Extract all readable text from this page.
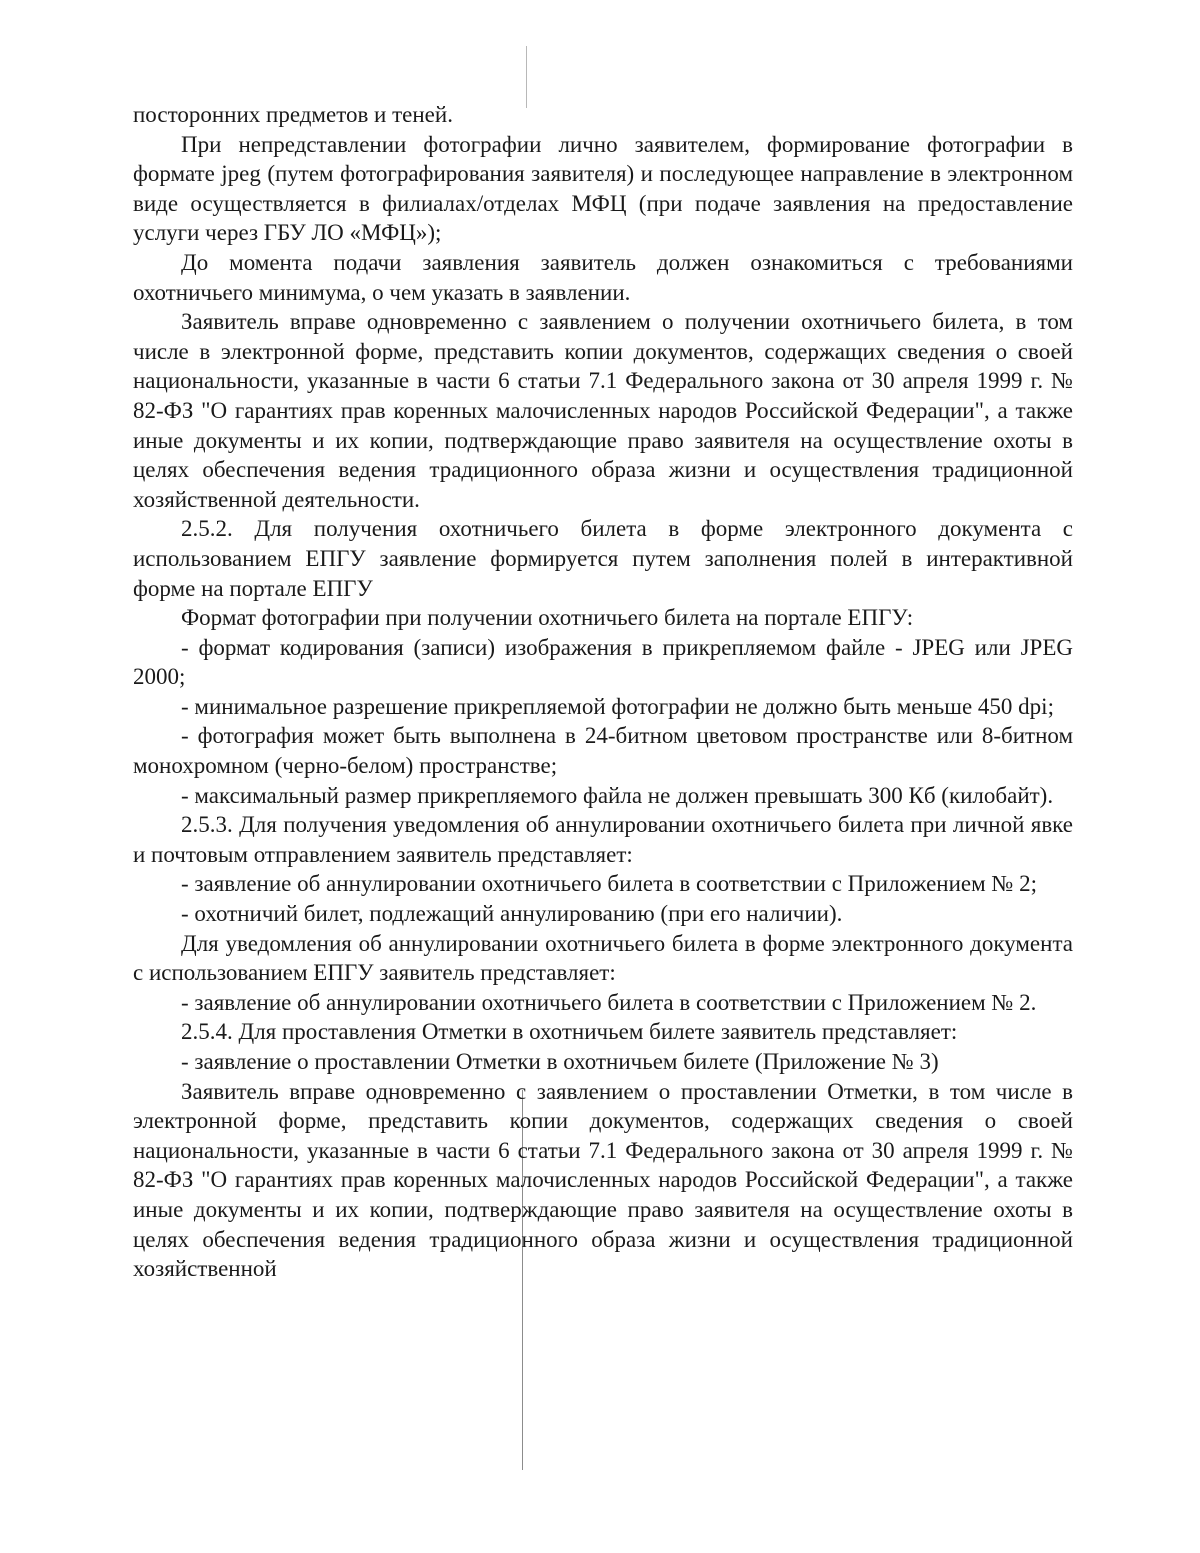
посторонних предметов и теней.

При непредставлении фотографии лично заявителем, формирование фотографии в формате jpeg (путем фотографирования заявителя) и последующее направление в электронном виде осуществляется в филиалах/отделах МФЦ (при подаче заявления на предоставление услуги через ГБУ ЛО «МФЦ»);

До момента подачи заявления заявитель должен ознакомиться с требованиями охотничьего минимума, о чем указать в заявлении.

Заявитель вправе одновременно с заявлением о получении охотничьего билета, в том числе в электронной форме, представить копии документов, содержащих сведения о своей национальности, указанные в части 6 статьи 7.1 Федерального закона от 30 апреля 1999 г. № 82-ФЗ "О гарантиях прав коренных малочисленных народов Российской Федерации", а также иные документы и их копии, подтверждающие право заявителя на осуществление охоты в целях обеспечения ведения традиционного образа жизни и осуществления традиционной хозяйственной деятельности.

2.5.2. Для получения охотничьего билета в форме электронного документа с использованием ЕПГУ заявление формируется путем заполнения полей в интерактивной форме на портале ЕПГУ

Формат фотографии при получении охотничьего билета на портале ЕПГУ:

- формат кодирования (записи) изображения в прикрепляемом файле - JPEG или JPEG 2000;

- минимальное разрешение прикрепляемой фотографии не должно быть меньше 450 dpi;

- фотография может быть выполнена в 24-битном цветовом пространстве или 8-битном монохромном (черно-белом) пространстве;

- максимальный размер прикрепляемого файла не должен превышать 300 Кб (килобайт).

2.5.3. Для получения уведомления об аннулировании охотничьего билета при личной явке и почтовым отправлением заявитель представляет:

- заявление об аннулировании охотничьего билета в соответствии с Приложением № 2;

- охотничий билет, подлежащий аннулированию (при его наличии).

Для уведомления об аннулировании охотничьего билета в форме электронного документа с использованием ЕПГУ заявитель представляет:

- заявление об аннулировании охотничьего билета в соответствии с Приложением № 2.

2.5.4. Для проставления Отметки в охотничьем билете заявитель представляет:

- заявление о проставлении Отметки в охотничьем билете (Приложение № 3)

Заявитель вправе одновременно с заявлением о проставлении Отметки, в том числе в электронной форме, представить копии документов, содержащих сведения о своей национальности, указанные в части 6 статьи 7.1 Федерального закона от 30 апреля 1999 г. № 82-ФЗ "О гарантиях прав коренных малочисленных народов Российской Федерации", а также иные документы и их копии, подтверждающие право заявителя на осуществление охоты в целях обеспечения ведения традиционного образа жизни и осуществления традиционной хозяйственной
